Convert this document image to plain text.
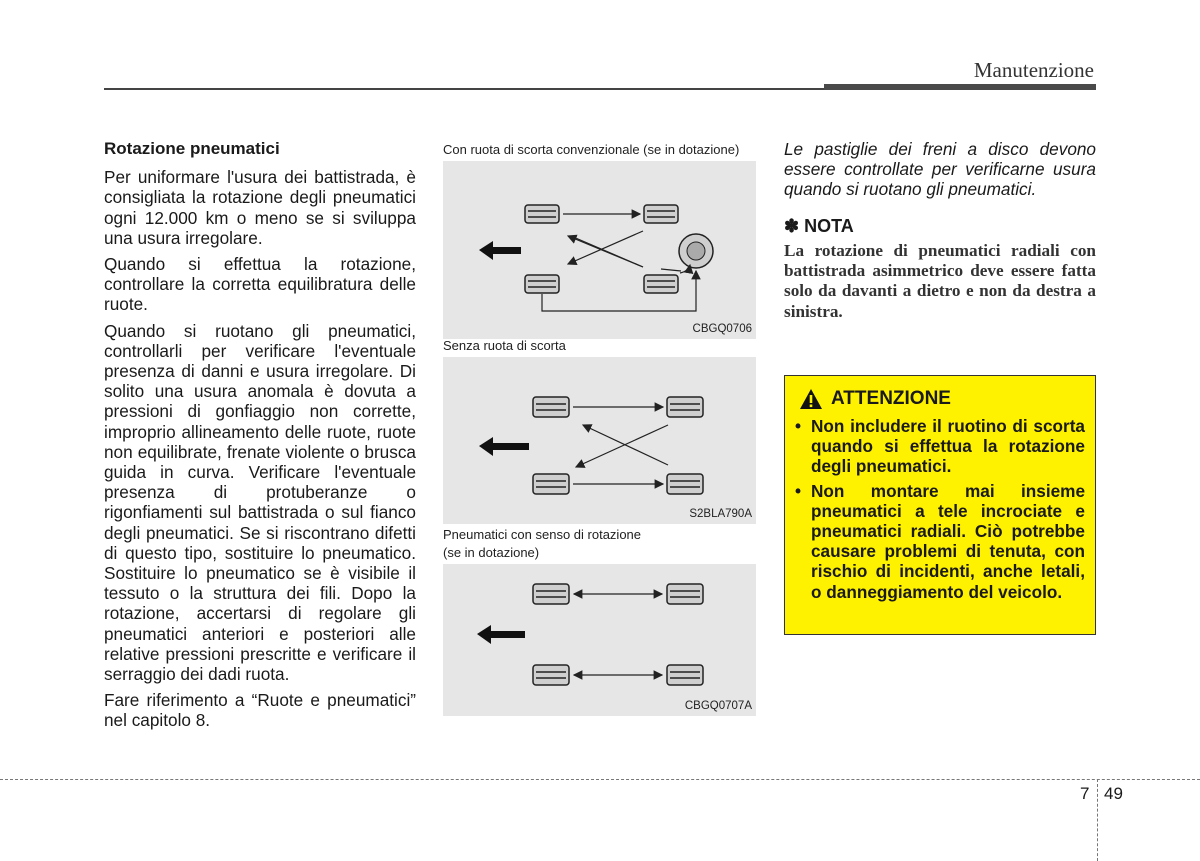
Manutenzione
Rotazione pneumatici

Per uniformare l'usura dei battistrada, è consigliata la rotazione degli pneumatici ogni 12.000 km o meno se si sviluppa una usura irregolare.

Quando si effettua la rotazione, controllare la corretta equilibratura delle ruote.

Quando si ruotano gli pneumatici, controllarli per verificare l'eventuale presenza di danni e usura irregolare. Di solito una usura anomala è dovuta a pressioni di gonfiaggio non corrette, improprio allineamento delle ruote, ruote non equilibrate, frenate violente o brusca guida in curva. Verificare l'eventuale presenza di protuberanze o rigonfiamenti sul battistrada o sul fianco degli pneumatici. Se si riscontrano difetti di questo tipo, sostituire lo pneumatico. Sostituire lo pneumatico se è visibile il tessuto o la struttura dei fili. Dopo la rotazione, accertarsi di regolare gli pneumatici anteriori e posteriori alle relative pressioni prescritte e verificare il serraggio dei dadi ruota.

Fare riferimento a “Ruote e pneumatici” nel capitolo 8.

Con ruota di scorta convenzionale (se in dotazione)
CBGQ0706
Senza ruota di scorta
S2BLA790A
Pneumatici con senso di rotazione
(se in dotazione)
CBGQ0707A

Le pastiglie dei freni a disco devono essere controllate per verificarne usura quando si ruotano gli pneumatici.

✽ NOTA

La rotazione di pneumatici radiali con battistrada asimmetrico deve essere fatta solo da davanti a dietro e non da destra a sinistra.

ATTENZIONE
• Non includere il ruotino di scorta quando si effettua la rotazione degli pneumatici.
• Non montare mai insieme pneumatici a tele incrociate e pneumatici radiali. Ciò potrebbe causare problemi di tenuta, con rischio di incidenti, anche letali, o danneggiamento del veicolo.
7 49
